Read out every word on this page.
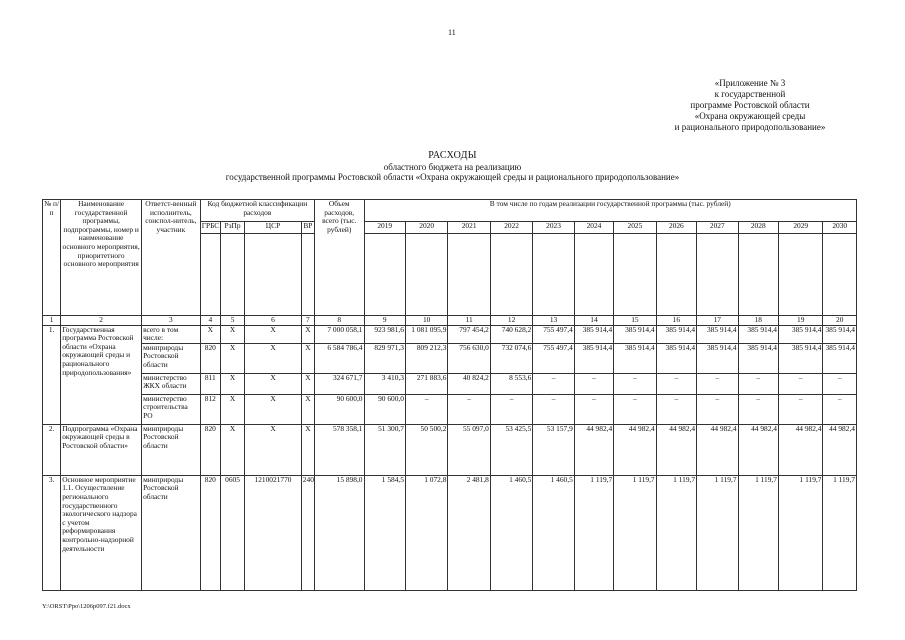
11
«Приложение № 3
к государственной
программе Ростовской области
«Охрана окружающей среды
и рационального природопользование»
РАСХОДЫ
областного бюджета на реализацию
государственной программы Ростовской области «Охрана окружающей среды и рационального природопользование»
№ п/п	Наименование государственной программы, подпрограммы, номер и наименование основного мероприятия, приоритетного основного мероприятия	Ответст-венный исполнитель, соиспол-нитель, участник	Код бюджетной классификации расходов				Объем расходов, всего (тыс. рублей)	В том числе по годам реализации государственной программы (тыс. рублей)											
			ГРБС	РзПр	ЦСР	ВР		2019	2020	2021	2022	2023	2024	2025	2026	2027	2028	2029	2030

1	2	3	4	5	6	7	8	9	10	11	12	13	14	15	16	17	18	19	20
1.	Государственная программа Ростовской области «Охрана окружающей среды и рационального природопользования»	всего в том числе:	X	X	X	X	7 000 058,1	923 981,6	1 081 095,9	797 454,2	740 628,2	755 497,4	385 914,4	385 914,4	385 914,4	385 914,4	385 914,4	385 914,4	385 914,4
		минприроды Ростовской области	820	X	X	X	6 584 786,4	829 971,3	809 212,3	756 630,0	732 074,6	755 497,4	385 914,4	385 914,4	385 914,4	385 914,4	385 914,4	385 914,4	385 914,4
		министерство ЖКХ области	811	X	X	X	324 671,7	3 410,3	271 883,6	40 824,2	8 553,6	–	–	–	–	–	–	–	–
		министерство строительства РО	812	X	X	X	90 600,0	90 600,0	–	–	–	–	–	–	–	–	–	–	–
2.	Подпрограмма «Охрана окружающей среды в Ростовской области»	минприроды Ростовской области	820	X	X	X	578 358,1	51 300,7	50 500,2	55 097,0	53 425,5	53 157,9	44 982,4	44 982,4	44 982,4	44 982,4	44 982,4	44 982,4	44 982,4
3.	Основное мероприятие 1.1. Осуществление регионального государственного экологического надзора с учетом реформирования контрольно-надзорной деятельности	минприроды Ростовской области	820	0605	1210021770	240	15 898,0	1 584,5	1 072,8	2 481,8	1 460,5	1 460,5	1 119,7	1 119,7	1 119,7	1 119,7	1 119,7	1 119,7	1 119,7
Y:\ORST\Ppo\1206p097.f21.docx
